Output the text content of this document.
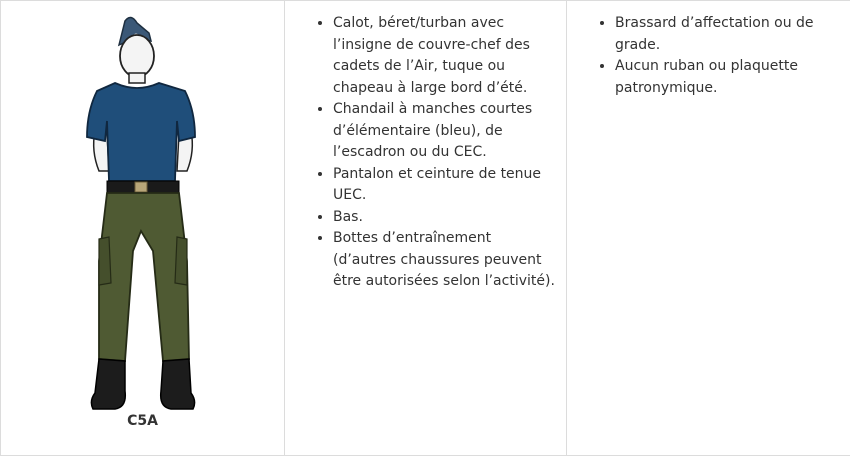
C5A

• Calot, béret/turban avec l’insigne de couvre-chef des cadets de l’Air, tuque ou chapeau à large bord d’été.
• Chandail à manches courtes d’élémentaire (bleu), de l’escadron ou du CEC.
• Pantalon et ceinture de tenue UEC.
• Bas.
• Bottes d’entraînement (d’autres chaussures peuvent être autorisées selon l’activité).

• Brassard d’affectation ou de grade.
• Aucun ruban ou plaquette patronymique.
